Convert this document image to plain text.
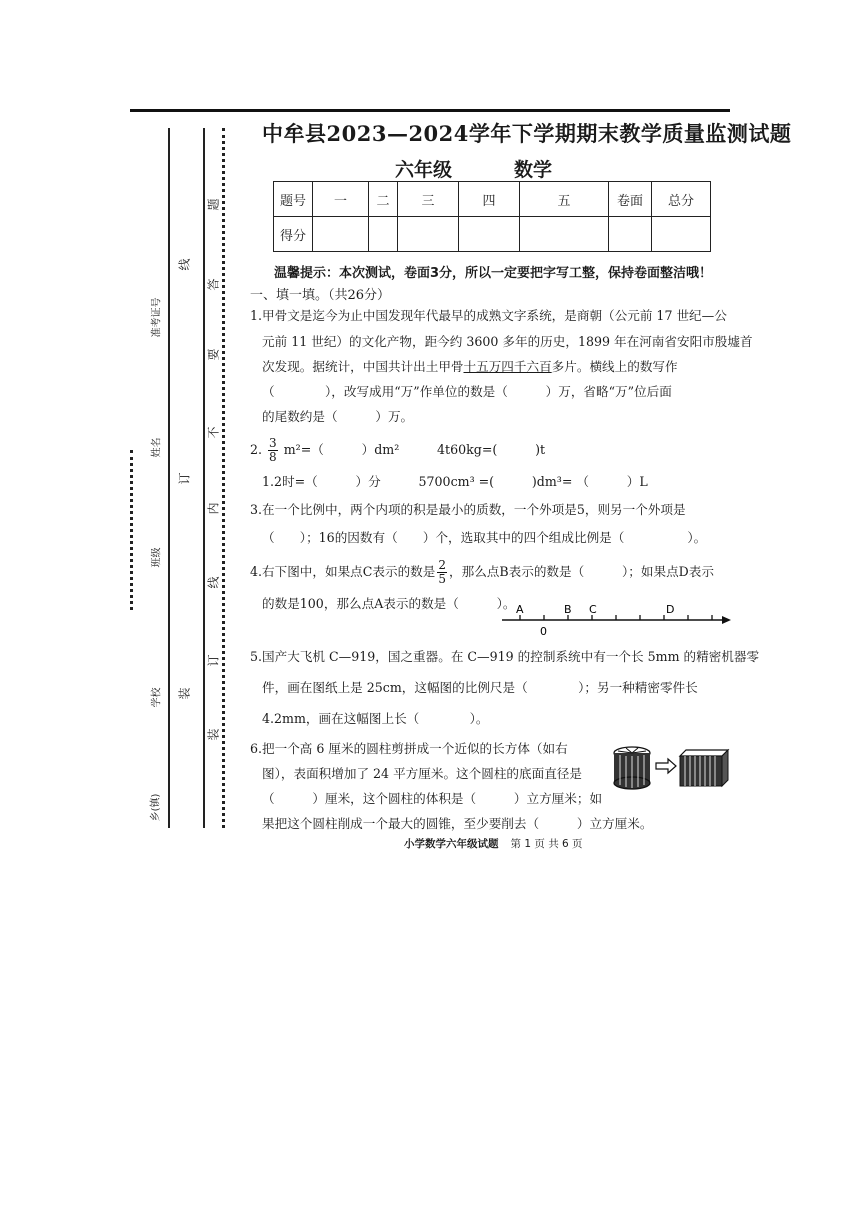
准考证号
姓名
班级
学校
乡(镇)
线
订
装
题
答
要
不
内
线
订
装
中牟县2023—2024学年下学期期末教学质量监测试题
六年级	数学
题号	一	二	三	四	五	卷面	总分
得分							
温馨提示：本次测试，卷面3分，所以一定要把字写工整，保持卷面整洁哦！
一、填一填。（共26分）
1.甲骨文是迄今为止中国发现年代最早的成熟文字系统，是商朝（公元前 17 世纪—公
元前 11 世纪）的文化产物，距今约 3600 多年的历史，1899 年在河南省安阳市殷墟首
次发现。据统计，中国共计出土甲骨十五万四千六百多片。横线上的数写作
（　　　　），改写成用“万”作单位的数是（　　　）万，省略“万”位后面
的尾数约是（　　　）万。
2. $\frac{3}{8} m^2=$（　　　）dm²　　　4t60kg=(　　　)t
1.2时=（　　　）分　　　5700cm³ =(　　　)dm³= （　　　）L
3.在一个比例中，两个内项的积是最小的质数，一个外项是5，则另一个外项是
（　　）；16的因数有（　　）个，选取其中的四个组成比例是（　　　　　）。
4.右下图中，如果点C表示的数是 $\frac{2}{5}$ ，那么点B表示的数是（　　　）；如果点D表示
的数是100，那么点A表示的数是（　　　）。 A	B C	D
0
5.国产大飞机 C—919，国之重器。在 C—919 的控制系统中有一个长 5mm 的精密机器零
件，画在图纸上是 25cm，这幅图的比例尺是（　　　　）；另一种精密零件长
4.2mm，画在这幅图上长（　　　　）。
6.把一个高 6 厘米的圆柱剪拼成一个近似的长方体（如右
图），表面积增加了 24 平方厘米。这个圆柱的底面直径是
（　　　）厘米，这个圆柱的体积是（　　　）立方厘米；如
果把这个圆柱削成一个最大的圆锥，至少要削去（　　　）立方厘米。
小学数学六年级试题 第 1 页 共 6 页
